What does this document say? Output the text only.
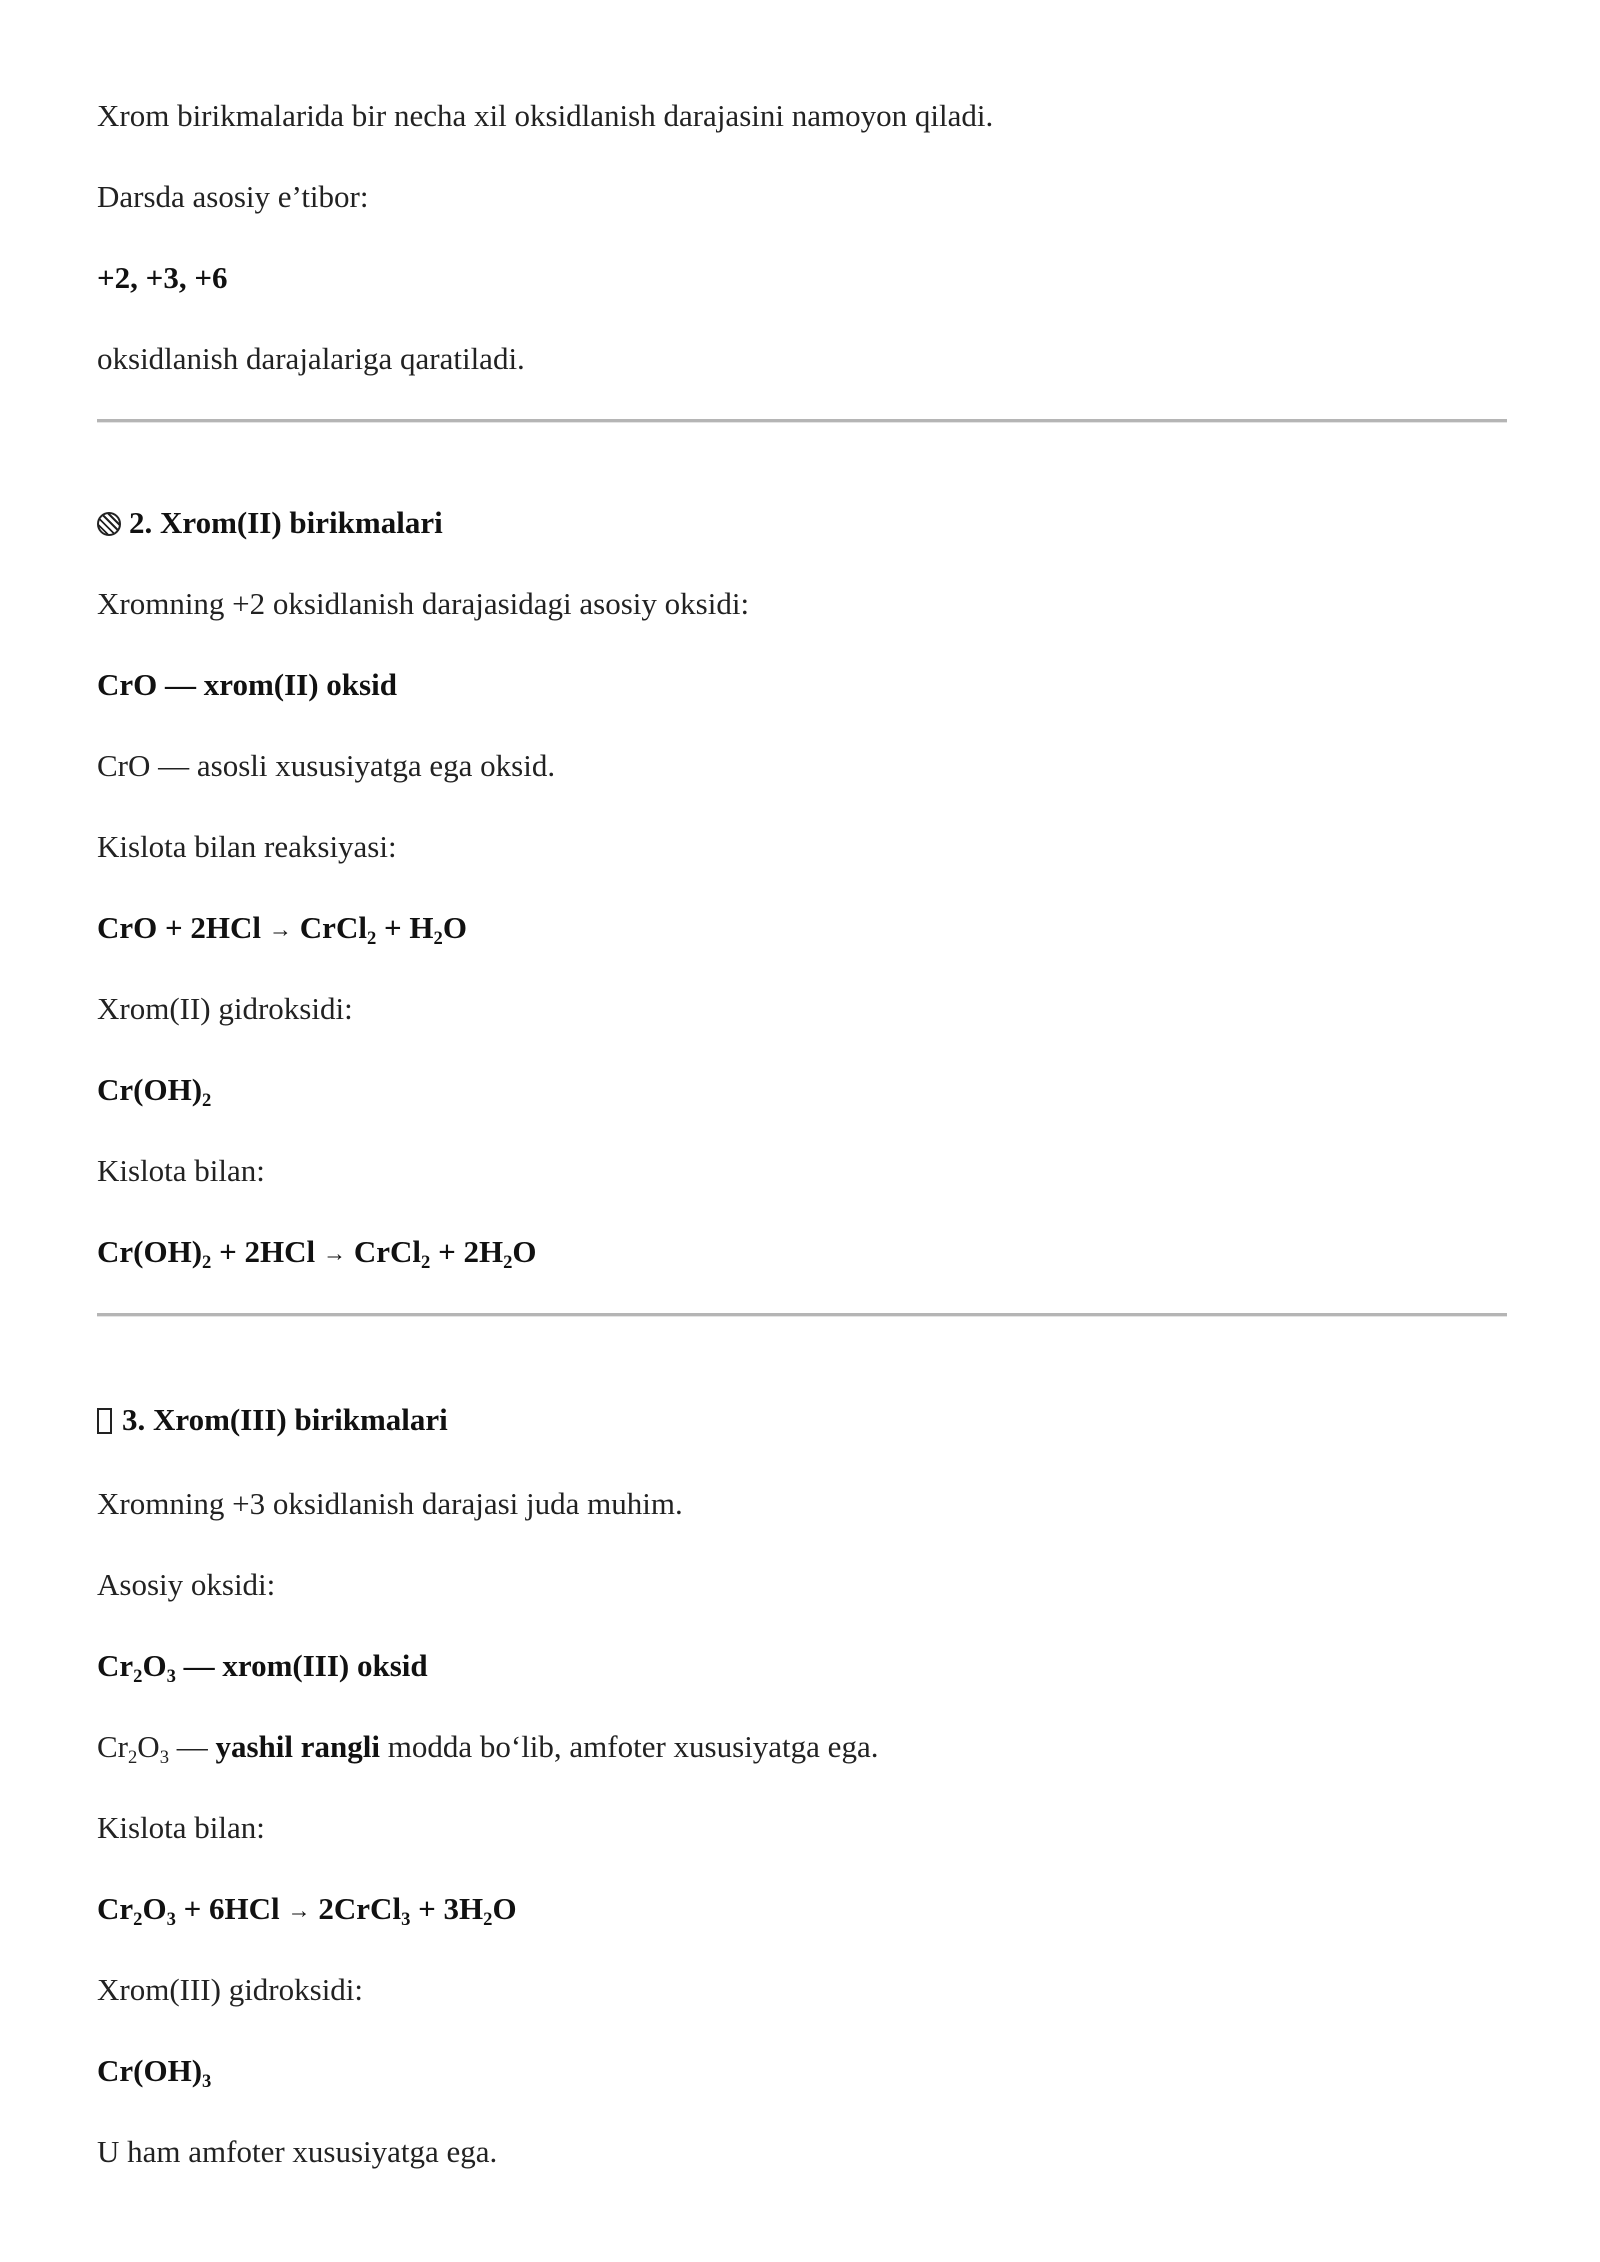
Xrom birikmalarida bir necha xil oksidlanish darajasini namoyon qiladi.
Darsda asosiy e’tibor:
+2, +3, +6
oksidlanish darajalariga qaratiladi.
2. Xrom(II) birikmalari
Xromning +2 oksidlanish darajasidagi asosiy oksidi:
CrO — xrom(II) oksid
CrO — asosli xususiyatga ega oksid.
Kislota bilan reaksiyasi:
CrO + 2HCl → CrCl$_2$ + $H_2O$
Xrom(II) gidroksidi:
$Cr(OH)_2$
Kislota bilan:
$Cr(OH)_2 + 2HCl$ → CrCl$_2$ + $2H_2O$
3. Xrom(III) birikmalari
Xromning +3 oksidlanish darajasi juda muhim.
Asosiy oksidi:
$Cr_2O_3$ — xrom(III) oksid
$Cr_2O_3$ — yashil rangli modda bo‘lib, amfoter xususiyatga ega.
Kislota bilan:
$Cr_2O_3 + 6HCl$ → 2CrCl$_3$ + $3H_2O$
Xrom(III) gidroksidi:
$Cr(OH)_3$
U ham amfoter xususiyatga ega.
